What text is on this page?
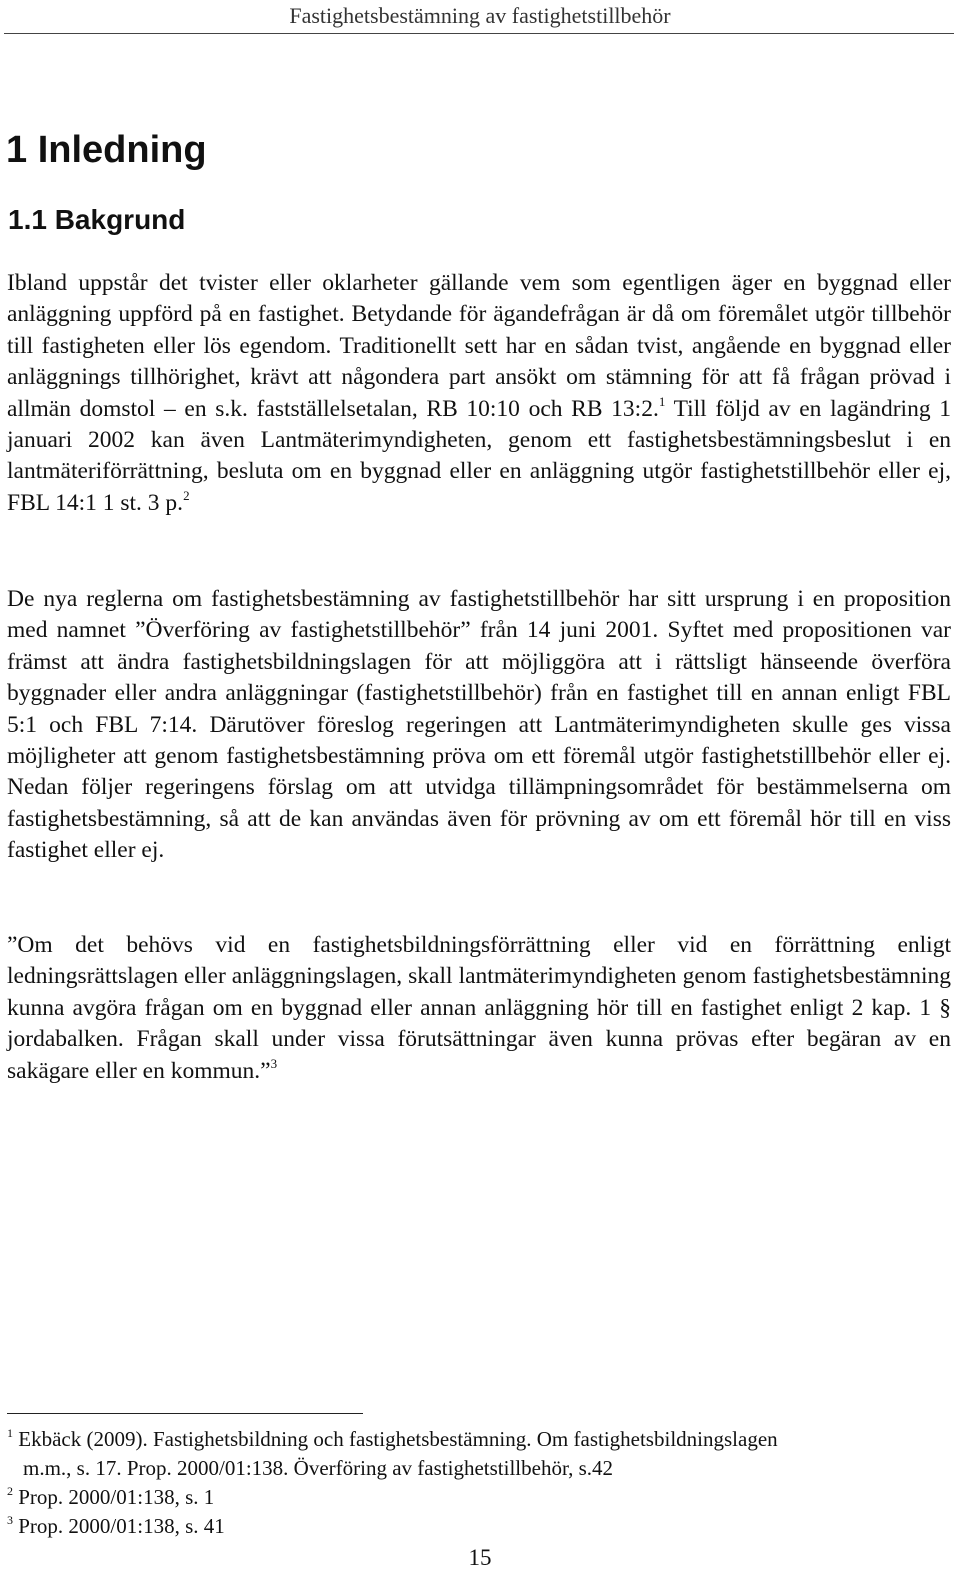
Fastighetsbestämning av fastighetstillbehör
1 Inledning
1.1 Bakgrund

Ibland uppstår det tvister eller oklarheter gällande vem som egentligen äger en byggnad eller anläggning uppförd på en fastighet. Betydande för ägandefrågan är då om föremålet utgör tillbehör till fastigheten eller lös egendom. Traditionellt sett har en sådan tvist, angående en byggnad eller anläggnings tillhörighet, krävt att någondera part ansökt om stämning för att få frågan prövad i allmän domstol – en s.k. fastställelsetalan, RB 10:10 och RB 13:2.$^1$ Till följd av en lagändring 1 januari 2002 kan även Lantmäterimyndigheten, genom ett fastighetsbestämningsbeslut i en lantmäteriförrättning, besluta om en byggnad eller en anläggning utgör fastighetstillbehör eller ej, FBL 14:1 1 st. 3 p.$^2$

De nya reglerna om fastighetsbestämning av fastighetstillbehör har sitt ursprung i en proposition med namnet ”Överföring av fastighetstillbehör” från 14 juni 2001. Syftet med propositionen var främst att ändra fastighetsbildningslagen för att möjliggöra att i rättsligt hänseende överföra byggnader eller andra anläggningar (fastighetstillbehör) från en fastighet till en annan enligt FBL 5:1 och FBL 7:14. Därutöver föreslog regeringen att Lantmäterimyndigheten skulle ges vissa möjligheter att genom fastighetsbestämning pröva om ett föremål utgör fastighetstillbehör eller ej. Nedan följer regeringens förslag om att utvidga tillämpningsområdet för bestämmelserna om fastighetsbestämning, så att de kan användas även för prövning av om ett föremål hör till en viss fastighet eller ej.

”Om det behövs vid en fastighetsbildningsförrättning eller vid en förrättning enligt ledningsrättslagen eller anläggningslagen, skall lantmäterimyndigheten genom fastighetsbestämning kunna avgöra frågan om en byggnad eller annan anläggning hör till en fastighet enligt 2 kap. 1 § jordabalken. Frågan skall under vissa förutsättningar även kunna prövas efter begäran av en sakägare eller en kommun.”$^3$

$^1$ Ekbäck (2009). Fastighetsbildning och fastighetsbestämning. Om fastighetsbildningslagen

m.m., s. 17. Prop. 2000/01:138. Överföring av fastighetstillbehör, s.42

$^2$ Prop. 2000/01:138, s. 1

$^3$ Prop. 2000/01:138, s. 41

15
